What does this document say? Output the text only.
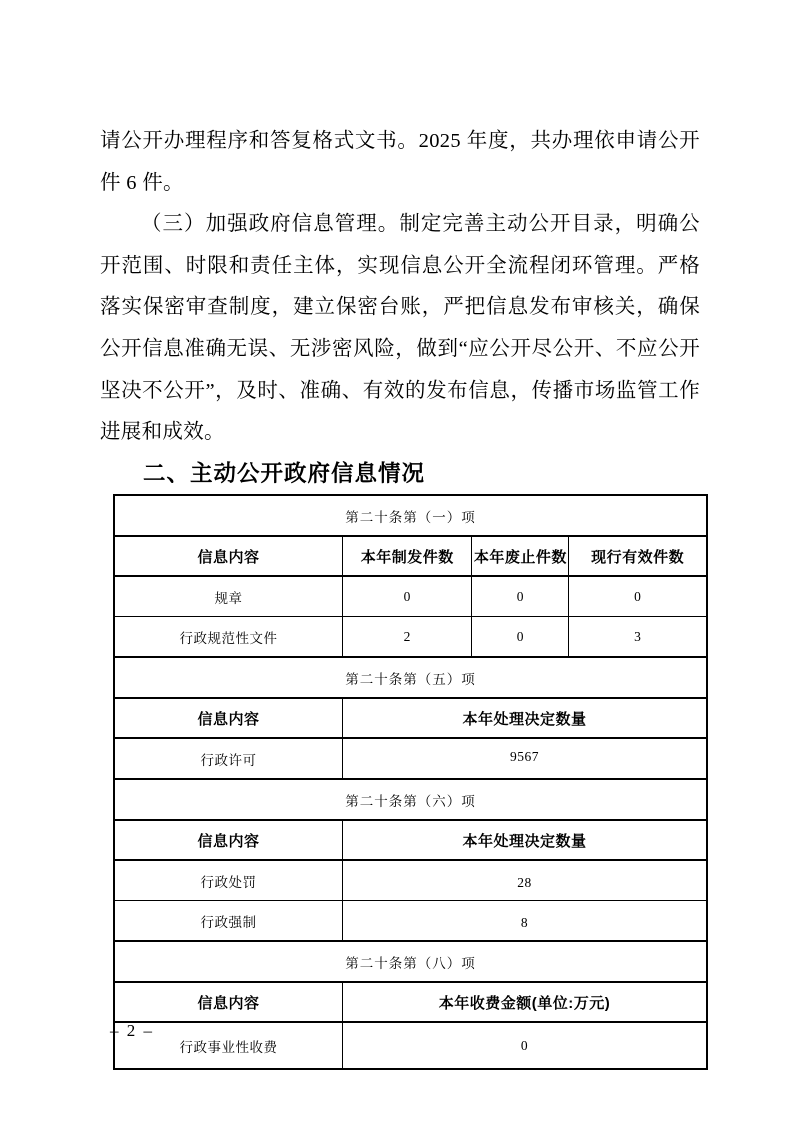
请公开办理程序和答复格式文书。2025 年度，共办理依申请公开件 6 件。

（三）加强政府信息管理。制定完善主动公开目录，明确公开范围、时限和责任主体，实现信息公开全流程闭环管理。严格落实保密审查制度，建立保密台账，严把信息发布审核关，确保公开信息准确无误、无涉密风险，做到“应公开尽公开、不应公开坚决不公开”，及时、准确、有效的发布信息，传播市场监管工作进展和成效。

二、主动公开政府信息情况
第二十条第（一）项
信息内容	本年制发件数	本年废止件数	现行有效件数
规章	0	0	0
行政规范性文件	2	0	3
第二十条第（五）项
信息内容	本年处理决定数量
行政许可	9567
第二十条第（六）项
信息内容	本年处理决定数量
行政处罚	28
行政强制	8
第二十条第（八）项
信息内容	本年收费金额(单位:万元)
行政事业性收费	0
– 2 –
